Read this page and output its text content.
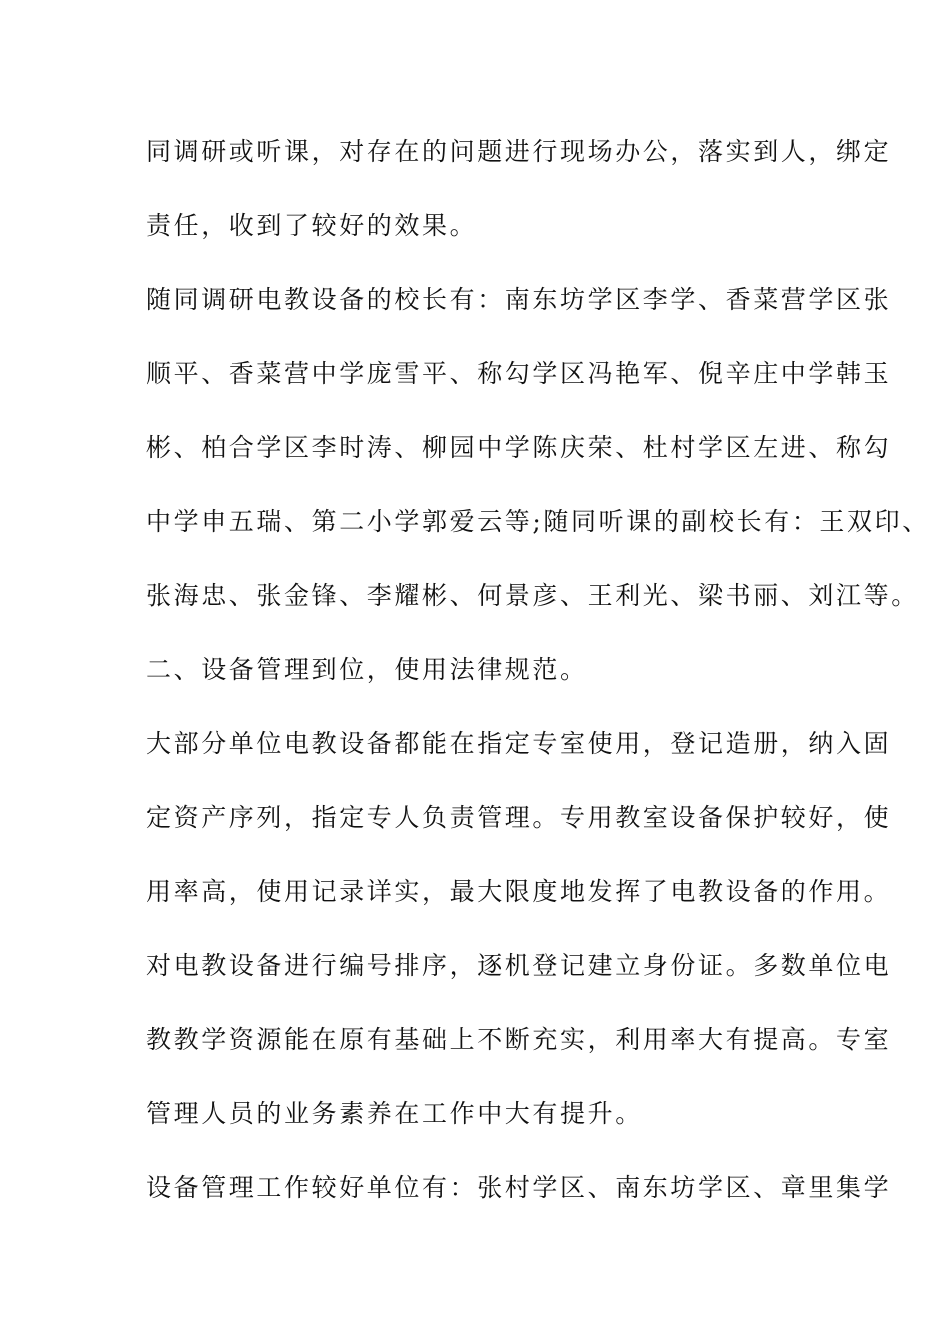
同调研或听课，对存在的问题进行现场办公，落实到人，绑定
责任，收到了较好的效果。
随同调研电教设备的校长有：南东坊学区李学、香菜营学区张
顺平、香菜营中学庞雪平、称勾学区冯艳军、倪辛庄中学韩玉
彬、柏合学区李时涛、柳园中学陈庆荣、杜村学区左进、称勾
中学申五瑞、第二小学郭爱云等;随同听课的副校长有：王双印、
张海忠、张金锋、李耀彬、何景彦、王利光、梁书丽、刘江等。
二、设备管理到位，使用法律规范。
大部分单位电教设备都能在指定专室使用，登记造册，纳入固
定资产序列，指定专人负责管理。专用教室设备保护较好，使
用率高，使用记录详实，最大限度地发挥了电教设备的作用。
对电教设备进行编号排序，逐机登记建立身份证。多数单位电
教教学资源能在原有基础上不断充实，利用率大有提高。专室
管理人员的业务素养在工作中大有提升。
设备管理工作较好单位有：张村学区、南东坊学区、章里集学
